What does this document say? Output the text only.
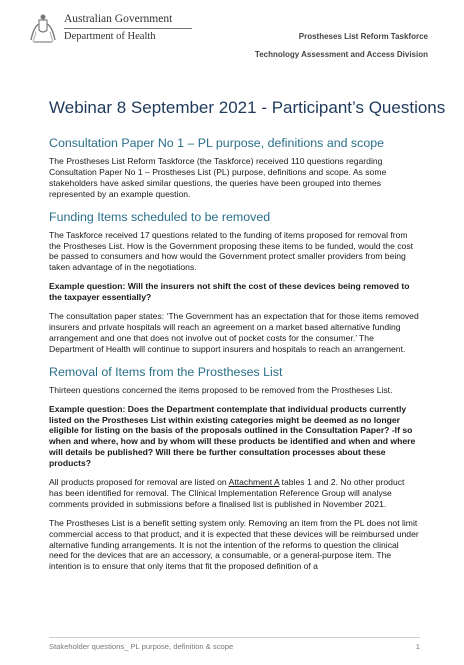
Australian Government
Department of Health	Prostheses List Reform Taskforce
Technology Assessment and Access Division
Webinar 8 September 2021 - Participant’s Questions
Consultation Paper No 1 – PL purpose, definitions and scope

The Prostheses List Reform Taskforce (the Taskforce) received 110 questions regarding Consultation Paper No 1 – Prostheses List (PL) purpose, definitions and scope. As some stakeholders have asked similar questions, the queries have been grouped into themes represented by an example question.

Funding Items scheduled to be removed

The Taskforce received 17 questions related to the funding of items proposed for removal from the Prostheses List. How is the Government proposing these items to be funded, would the cost be passed to consumers and how would the Government protect smaller providers from being taken advantage of in the negotiations.

Example question: Will the insurers not shift the cost of these devices being removed to the taxpayer essentially?

The consultation paper states: ‘The Government has an expectation that for those items removed insurers and private hospitals will reach an agreement on a market based alternative funding arrangement and one that does not involve out of pocket costs for the consumer.’ The Department of Health will continue to support insurers and hospitals to reach an arrangement.

Removal of Items from the Prostheses List

Thirteen questions concerned the items proposed to be removed from the Prostheses List.

Example question: Does the Department contemplate that individual products currently listed on the Prostheses List within existing categories might be deemed as no longer eligible for listing on the basis of the proposals outlined in the Consultation Paper? -If so when and where, how and by whom will these products be identified and when and where will details be published? Will there be further consultation processes about these products?

All products proposed for removal are listed on Attachment A tables 1 and 2. No other product has been identified for removal. The Clinical Implementation Reference Group will analyse comments provided in submissions before a finalised list is published in November 2021.

The Prostheses List is a benefit setting system only. Removing an item from the PL does not limit commercial access to that product, and it is expected that these devices will be reimbursed under alternative funding arrangements. It is not the intention of the reforms to question the clinical need for the devices that are an accessory, a consumable, or a general-purpose item. The intention is to ensure that only items that fit the proposed definition of a

Stakeholder questions_ PL purpose, definition & scope	1
